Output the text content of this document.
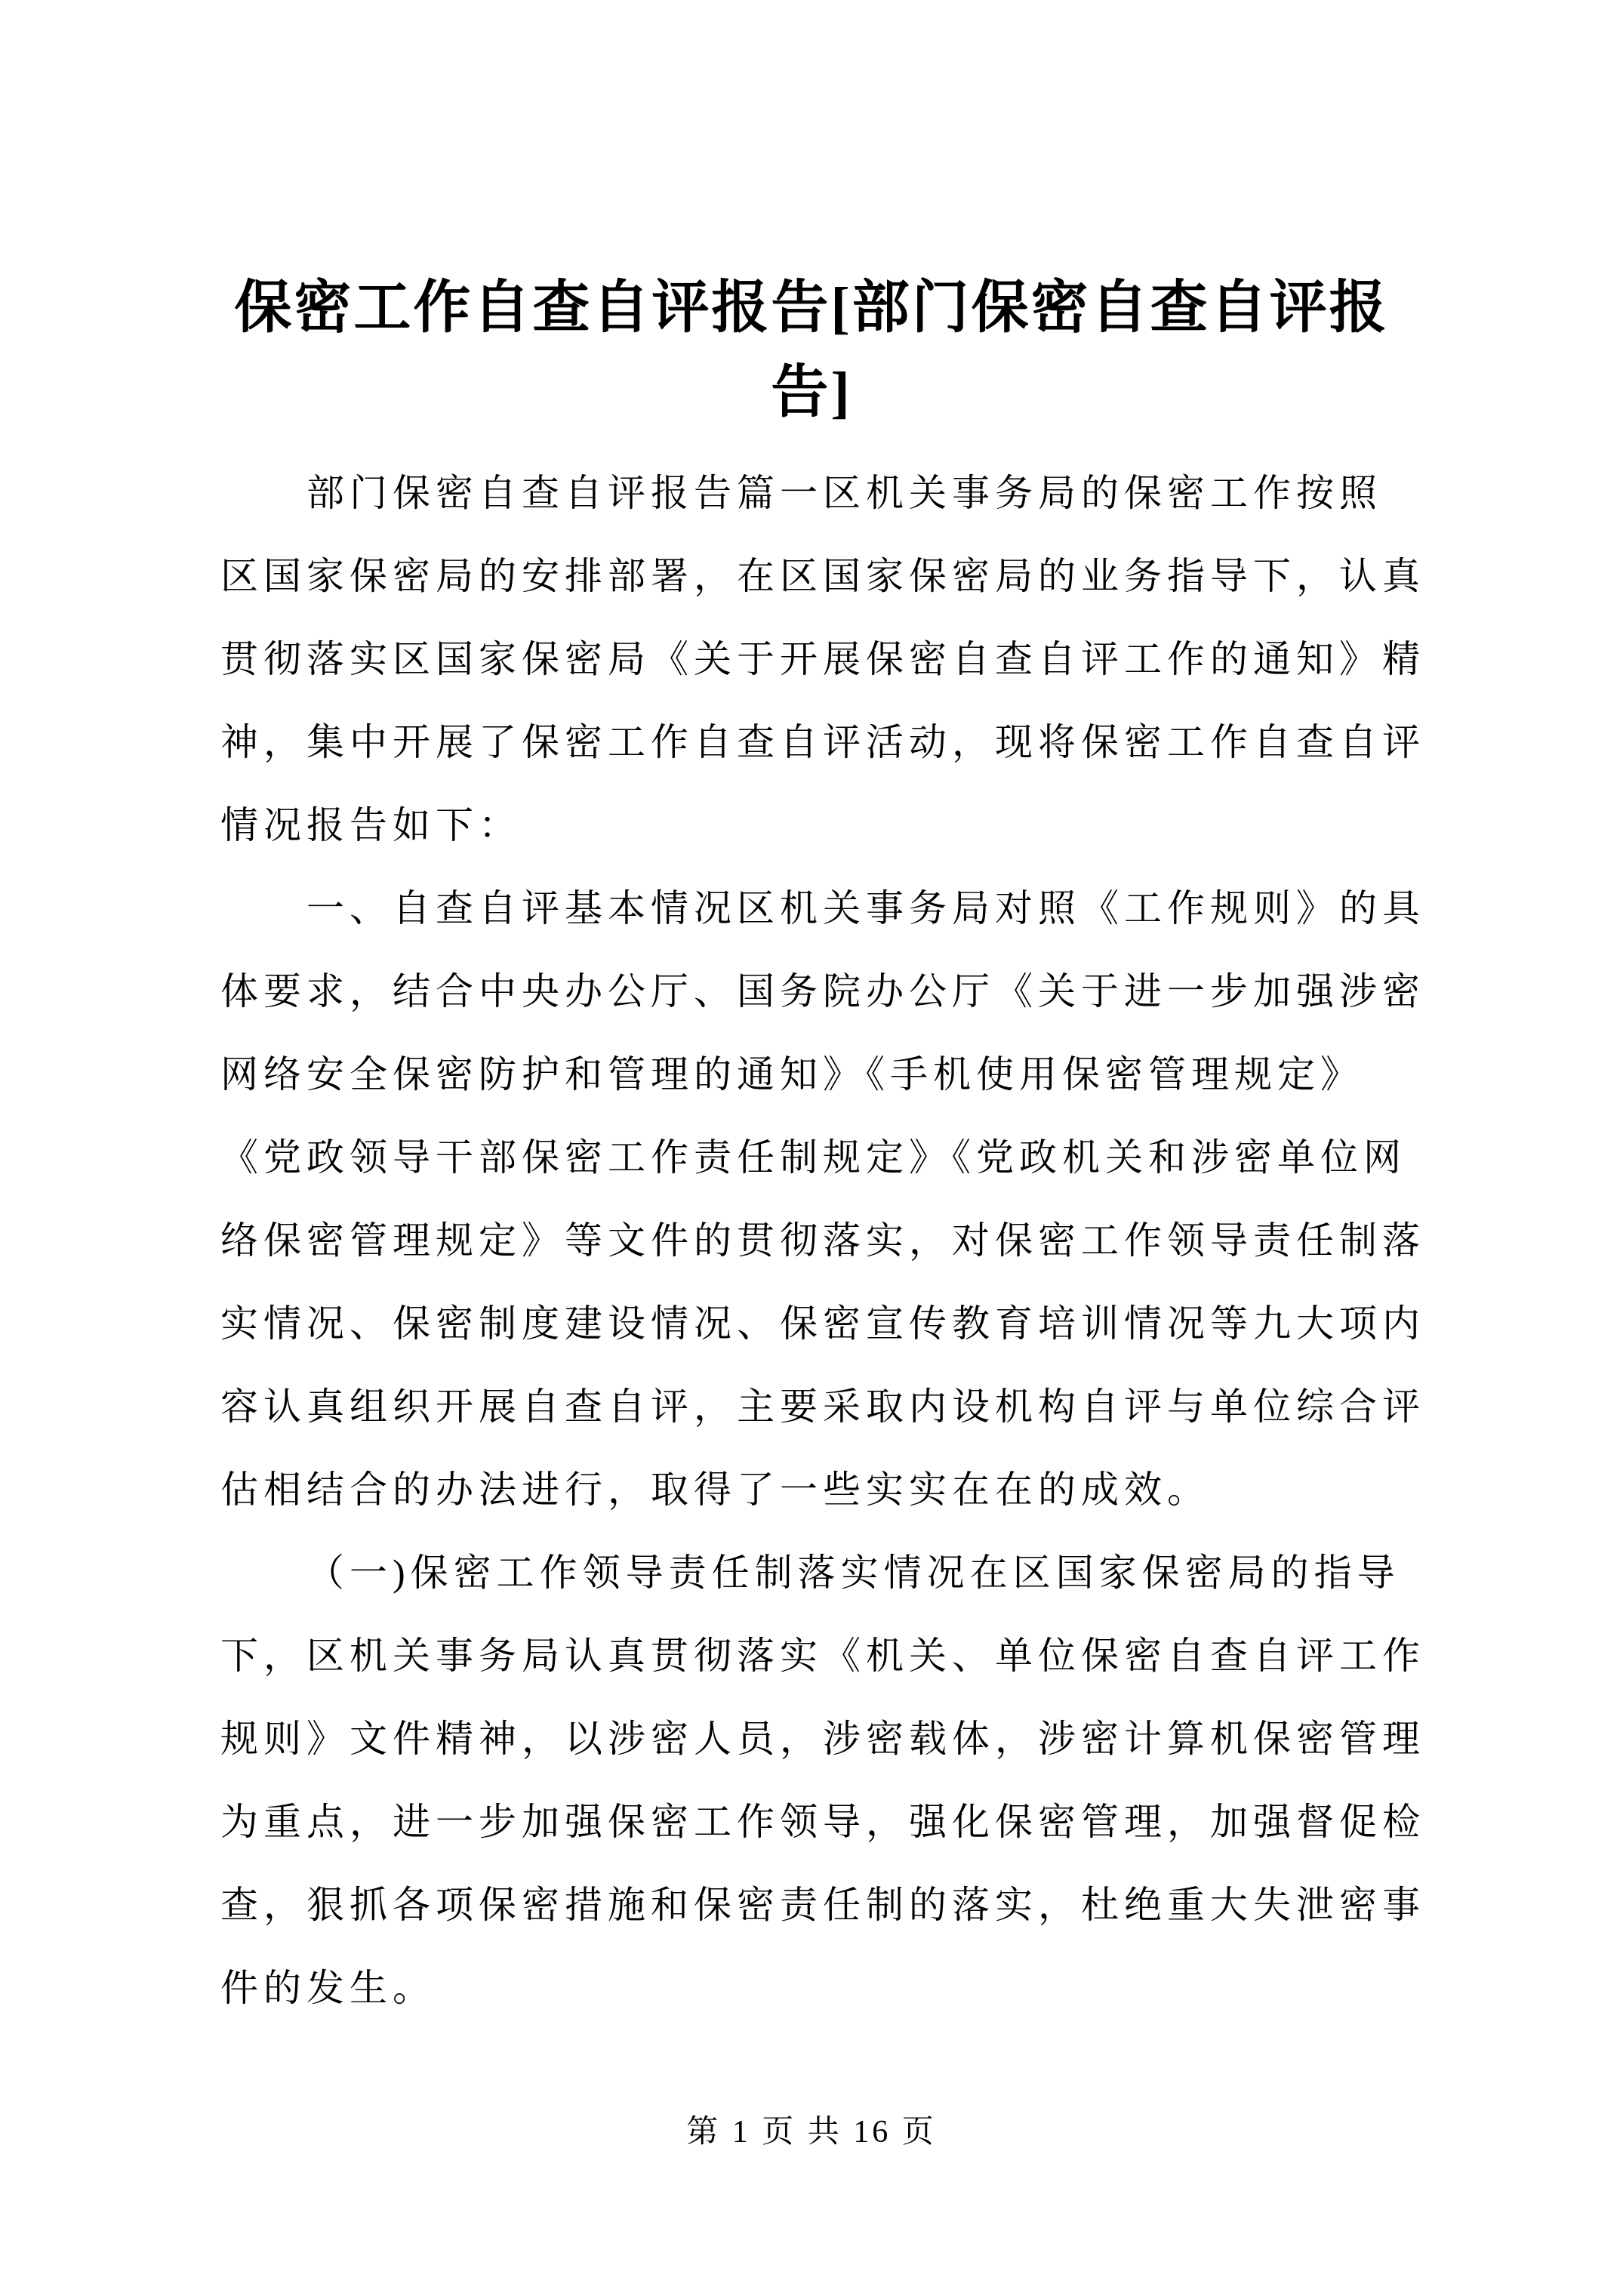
保密工作自查自评报告[部门保密自查自评报
告]

部门保密自查自评报告篇一区机关事务局的保密工作按照
区国家保密局的安排部署，在区国家保密局的业务指导下，认真
贯彻落实区国家保密局《关于开展保密自查自评工作的通知》精
神，集中开展了保密工作自查自评活动，现将保密工作自查自评
情况报告如下：

一、自查自评基本情况区机关事务局对照《工作规则》的具
体要求，结合中央办公厅、国务院办公厅《关于进一步加强涉密
网络安全保密防护和管理的通知》《手机使用保密管理规定》
《党政领导干部保密工作责任制规定》《党政机关和涉密单位网
络保密管理规定》等文件的贯彻落实，对保密工作领导责任制落
实情况、保密制度建设情况、保密宣传教育培训情况等九大项内
容认真组织开展自查自评，主要采取内设机构自评与单位综合评
估相结合的办法进行，取得了一些实实在在的成效。

（一)保密工作领导责任制落实情况在区国家保密局的指导
下，区机关事务局认真贯彻落实《机关、单位保密自查自评工作
规则》文件精神，以涉密人员，涉密载体，涉密计算机保密管理
为重点，进一步加强保密工作领导，强化保密管理，加强督促检
查，狠抓各项保密措施和保密责任制的落实，杜绝重大失泄密事
件的发生。

第 1 页 共 16 页
